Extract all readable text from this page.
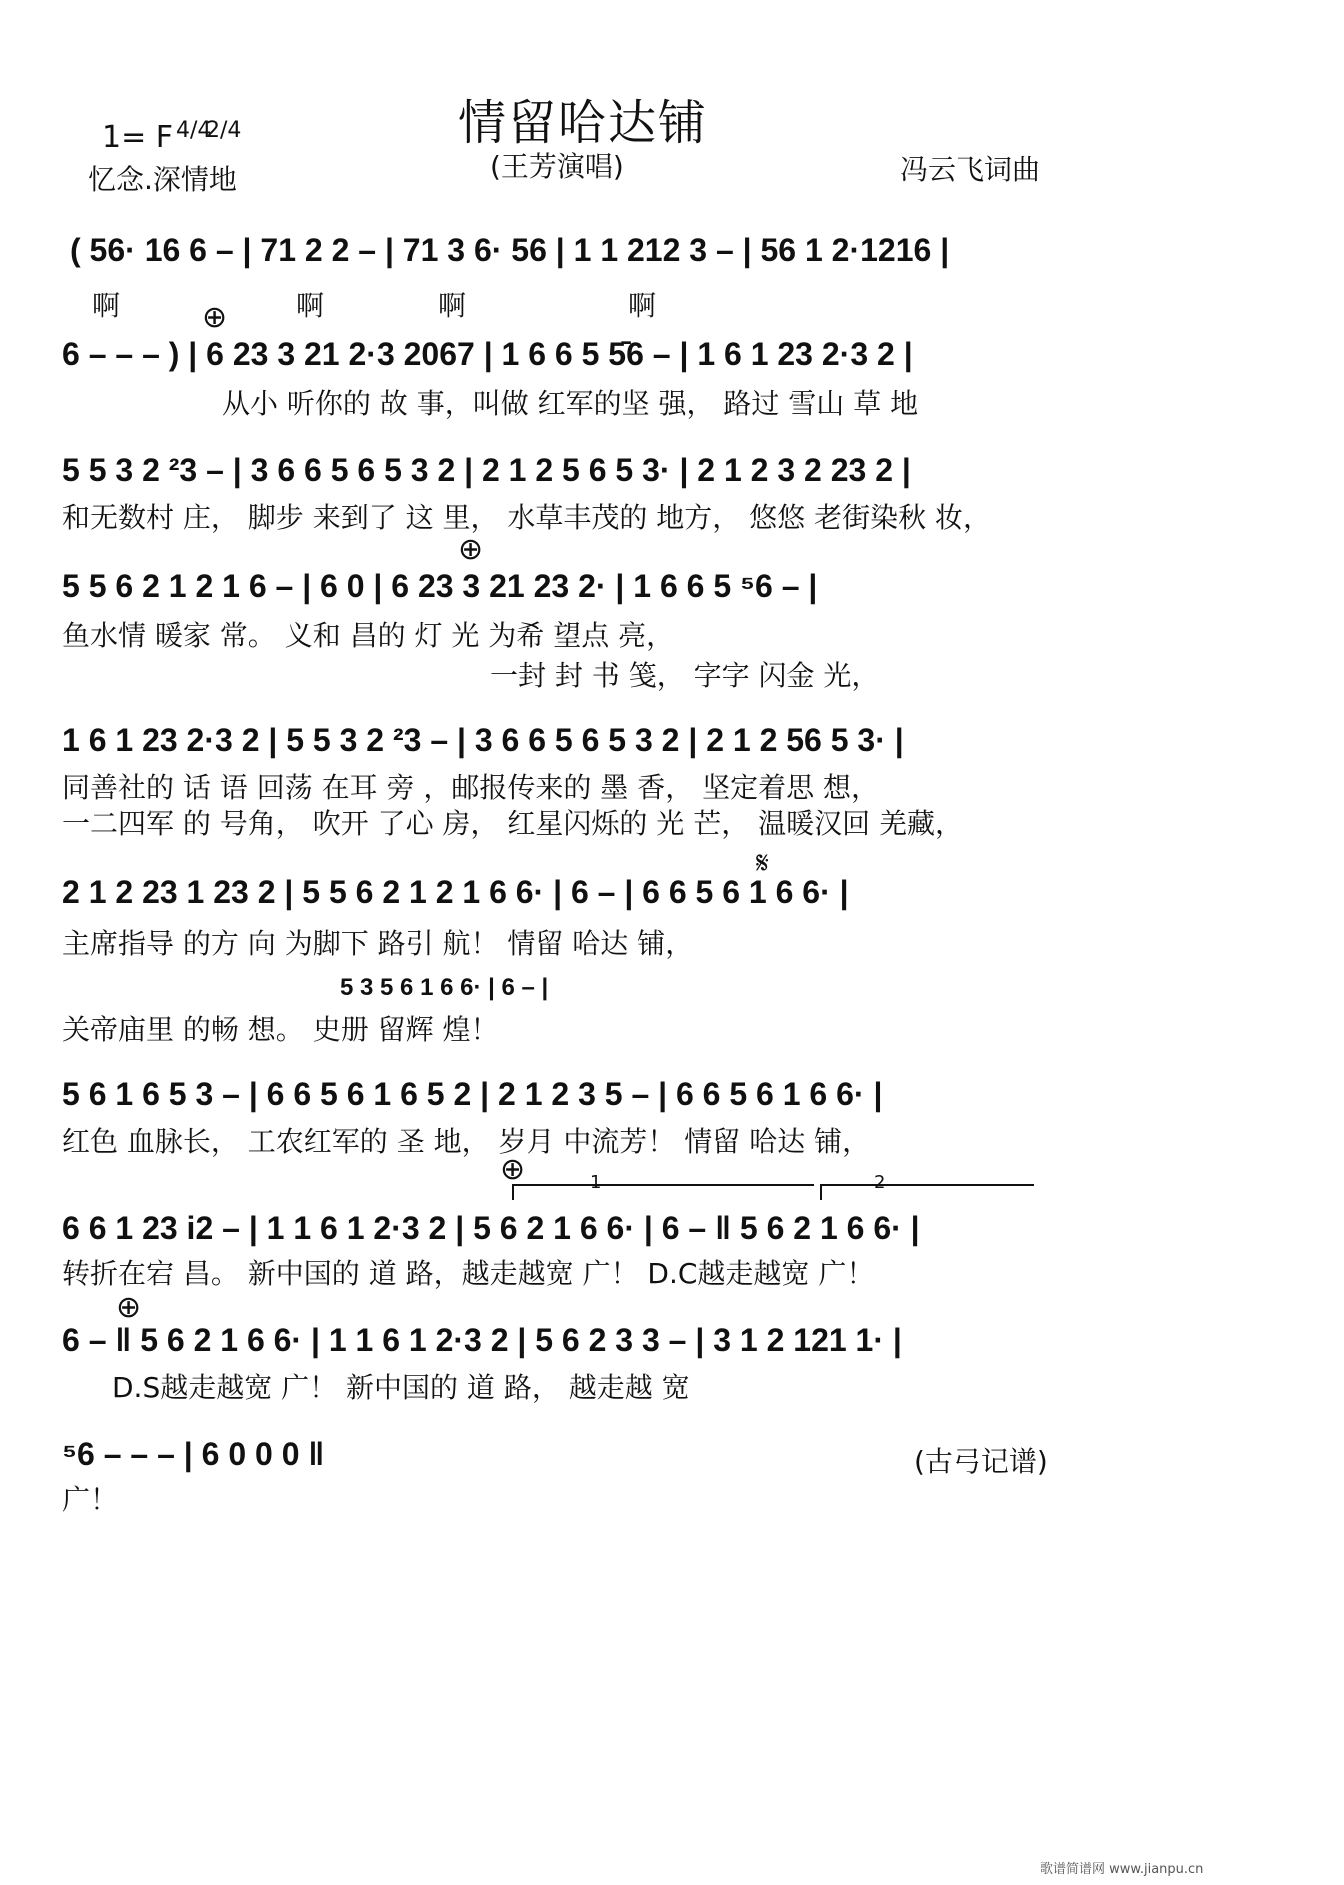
情留哈达铺
1= F 4/4
2/4
忆念.深情地	(王芳演唱)	冯云飞词曲
( 56· 16 6 – | 71 2 2 – | 71 3 6· 56 | 1 1 212 3 – | 56 1 2·1216 |
啊	啊	啊	啊
⊕
6 – – – ) | 6 23 3 21 2·3 2067 | 1 6 6 5 5̄6 – | 1 6 1 23 2·3 2 |
从小 听你的 故 事，叫做 红军的坚 强， 路过 雪山 草 地
5 5 3 2 ²3 – | 3 6 6 5 6 5 3 2 | 2 1 2 5 6 5 3· | 2 1 2 3 2 23 2 |
和无数村 庄， 脚步 来到了 这 里， 水草丰茂的 地方， 悠悠 老街染秋 妆，
⊕
5 5 6 2 1 2 1 6 – | 6 0 | 6 23 3 21 23 2· | 1 6 6 5 ⁵6 – |
鱼水情 暖家 常。 义和 昌的 灯 光 为希 望点 亮，
一封 封 书 笺， 字字 闪金 光，
1 6 1 23 2·3 2 | 5 5 3 2 ²3 – | 3 6 6 5 6 5 3 2 | 2 1 2 56 5 3· |
同善社的 话 语 回荡 在耳 旁 ，邮报传来的 墨 香， 坚定着思 想，
一二四军 的 号角， 吹开 了心 房， 红星闪烁的 光 芒， 温暖汉回 羌藏，
𝄋
2 1 2 23 1 23 2 | 5 5 6 2 1 2 1 6 6· | 6 – | 6 6 5 6 1 6 6· |
主席指导 的方 向 为脚下 路引 航！ 情留 哈达 铺，
5 3 5 6 1 6 6· | 6 – |
关帝庙里 的畅 想。 史册 留辉 煌！
5 6 1 6 5 3 – | 6 6 5 6 1 6 5 2 | 2 1 2 3 5 – | 6 6 5 6 1 6 6· |
红色 血脉长， 工农红军的 圣 地， 岁月 中流芳！ 情留 哈达 铺，
⊕	1	2
6 6 1 23 i2 – | 1 1 6 1 2·3 2 | 5 6 2 1 6 6· | 6 – ‖ 5 6 2 1 6 6· |
转折在宕 昌。 新中国的 道 路，越走越宽 广！ D.C越走越宽 广！
⊕
6 – ‖ 5 6 2 1 6 6· | 1 1 6 1 2·3 2 | 5 6 2 3 3 – | 3 1 2 121 1· |
D.S越走越宽 广！ 新中国的 道 路， 越走越 宽
⁵6 – – – | 6 0 0 0 ‖
广！
(古弓记谱)
歌谱简谱网 www.jianpu.cn
